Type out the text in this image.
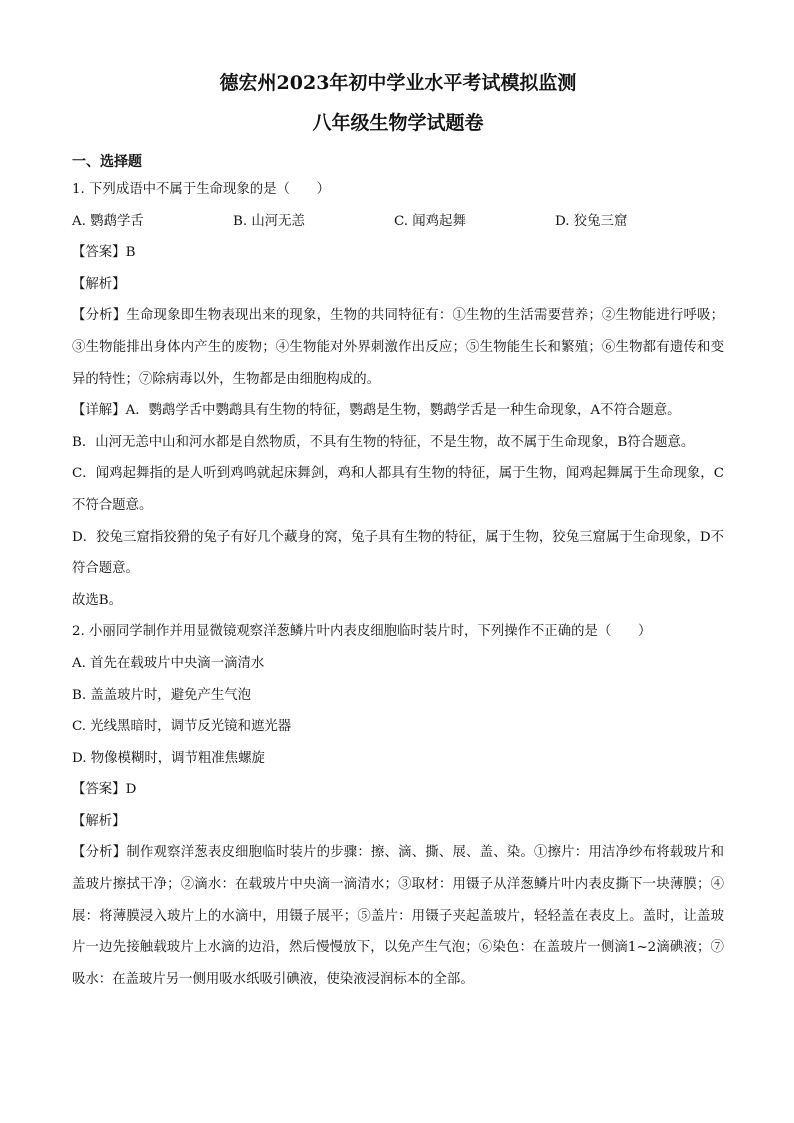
德宏州2023年初中学业水平考试模拟监测
八年级生物学试题卷
一、选择题
1. 下列成语中不属于生命现象的是（　　）
A. 鹦鹉学舌	B. 山河无恙	C. 闻鸡起舞	D. 狡兔三窟
【答案】B
【解析】
【分析】生命现象即生物表现出来的现象，生物的共同特征有：①生物的生活需要营养；②生物能进行呼吸；③生物能排出身体内产生的废物；④生物能对外界刺激作出反应；⑤生物能生长和繁殖；⑥生物都有遗传和变异的特性；⑦除病毒以外，生物都是由细胞构成的。
【详解】A．鹦鹉学舌中鹦鹉具有生物的特征，鹦鹉是生物，鹦鹉学舌是一种生命现象，A不符合题意。
B．山河无恙中山和河水都是自然物质，不具有生物的特征，不是生物，故不属于生命现象，B符合题意。
C．闻鸡起舞指的是人听到鸡鸣就起床舞剑，鸡和人都具有生物的特征，属于生物，闻鸡起舞属于生命现象，C不符合题意。
D．狡兔三窟指狡猾的兔子有好几个藏身的窝，兔子具有生物的特征，属于生物，狡兔三窟属于生命现象，D不符合题意。
故选B。
2. 小丽同学制作并用显微镜观察洋葱鳞片叶内表皮细胞临时装片时，下列操作不正确的是（　　）
A. 首先在载玻片中央滴一滴清水
B. 盖盖玻片时，避免产生气泡
C. 光线黑暗时，调节反光镜和遮光器
D. 物像模糊时，调节粗准焦螺旋
【答案】D
【解析】
【分析】制作观察洋葱表皮细胞临时装片的步骤：擦、滴、撕、展、盖、染。①擦片：用洁净纱布将载玻片和盖玻片擦拭干净；②滴水：在载玻片中央滴一滴清水；③取材：用镊子从洋葱鳞片叶内表皮撕下一块薄膜；④展：将薄膜浸入玻片上的水滴中，用镊子展平；⑤盖片：用镊子夹起盖玻片，轻轻盖在表皮上。盖时，让盖玻片一边先接触载玻片上水滴的边沿，然后慢慢放下，以免产生气泡；⑥染色：在盖玻片一侧滴1~2滴碘液；⑦吸水：在盖玻片另一侧用吸水纸吸引碘液，使染液浸润标本的全部。
